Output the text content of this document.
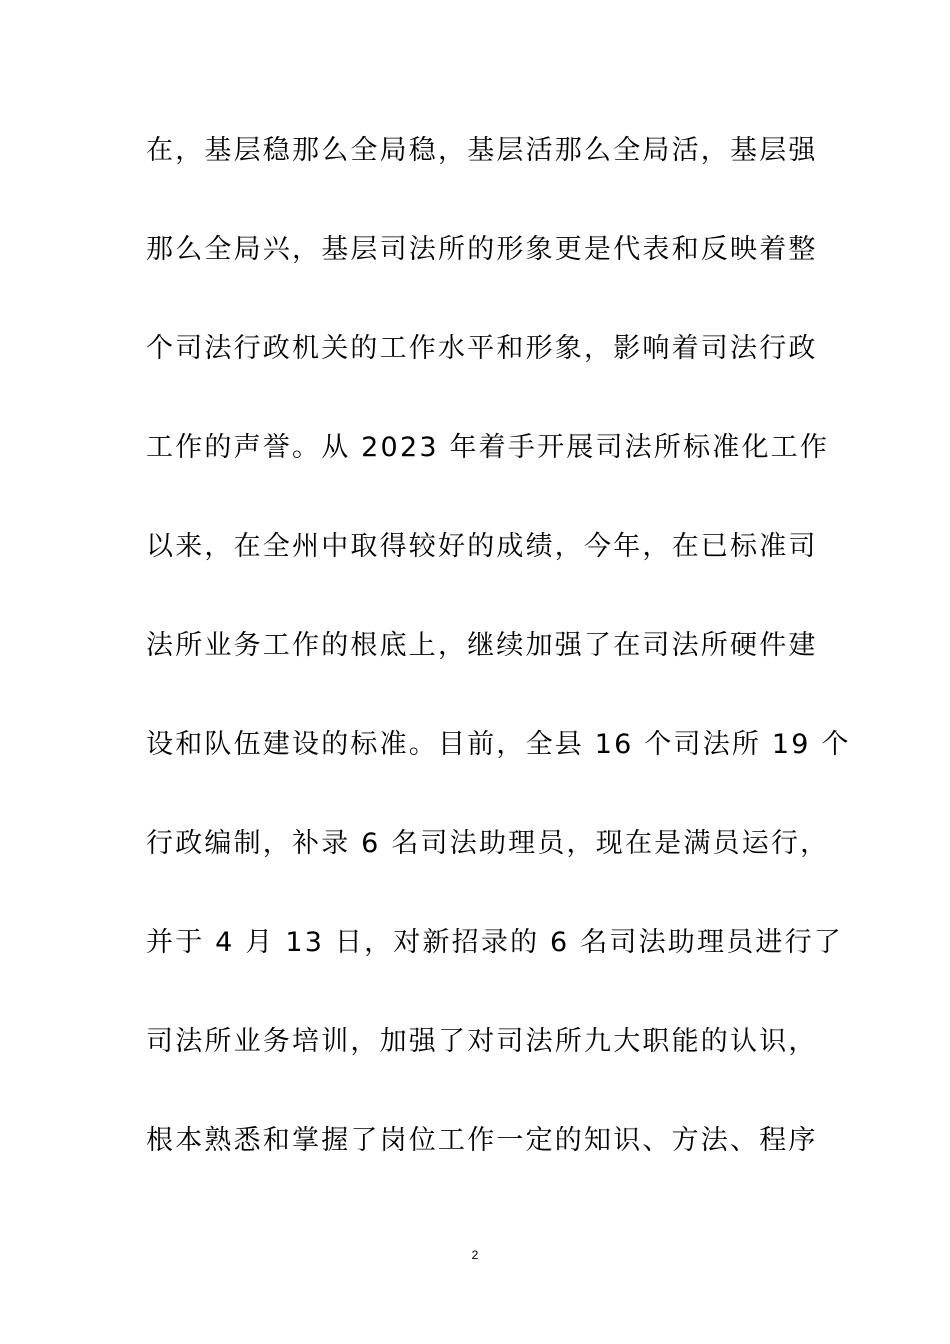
在，基层稳那么全局稳，基层活那么全局活，基层强
那么全局兴，基层司法所的形象更是代表和反映着整
个司法行政机关的工作水平和形象，影响着司法行政
工作的声誉。从 2023 年着手开展司法所标准化工作
以来，在全州中取得较好的成绩，今年，在已标准司
法所业务工作的根底上，继续加强了在司法所硬件建
设和队伍建设的标准。目前，全县 16 个司法所 19 个
行政编制，补录 6 名司法助理员，现在是满员运行，
并于 4 月 13 日，对新招录的 6 名司法助理员进行了
司法所业务培训，加强了对司法所九大职能的认识，
根本熟悉和掌握了岗位工作一定的知识、方法、程序
2
